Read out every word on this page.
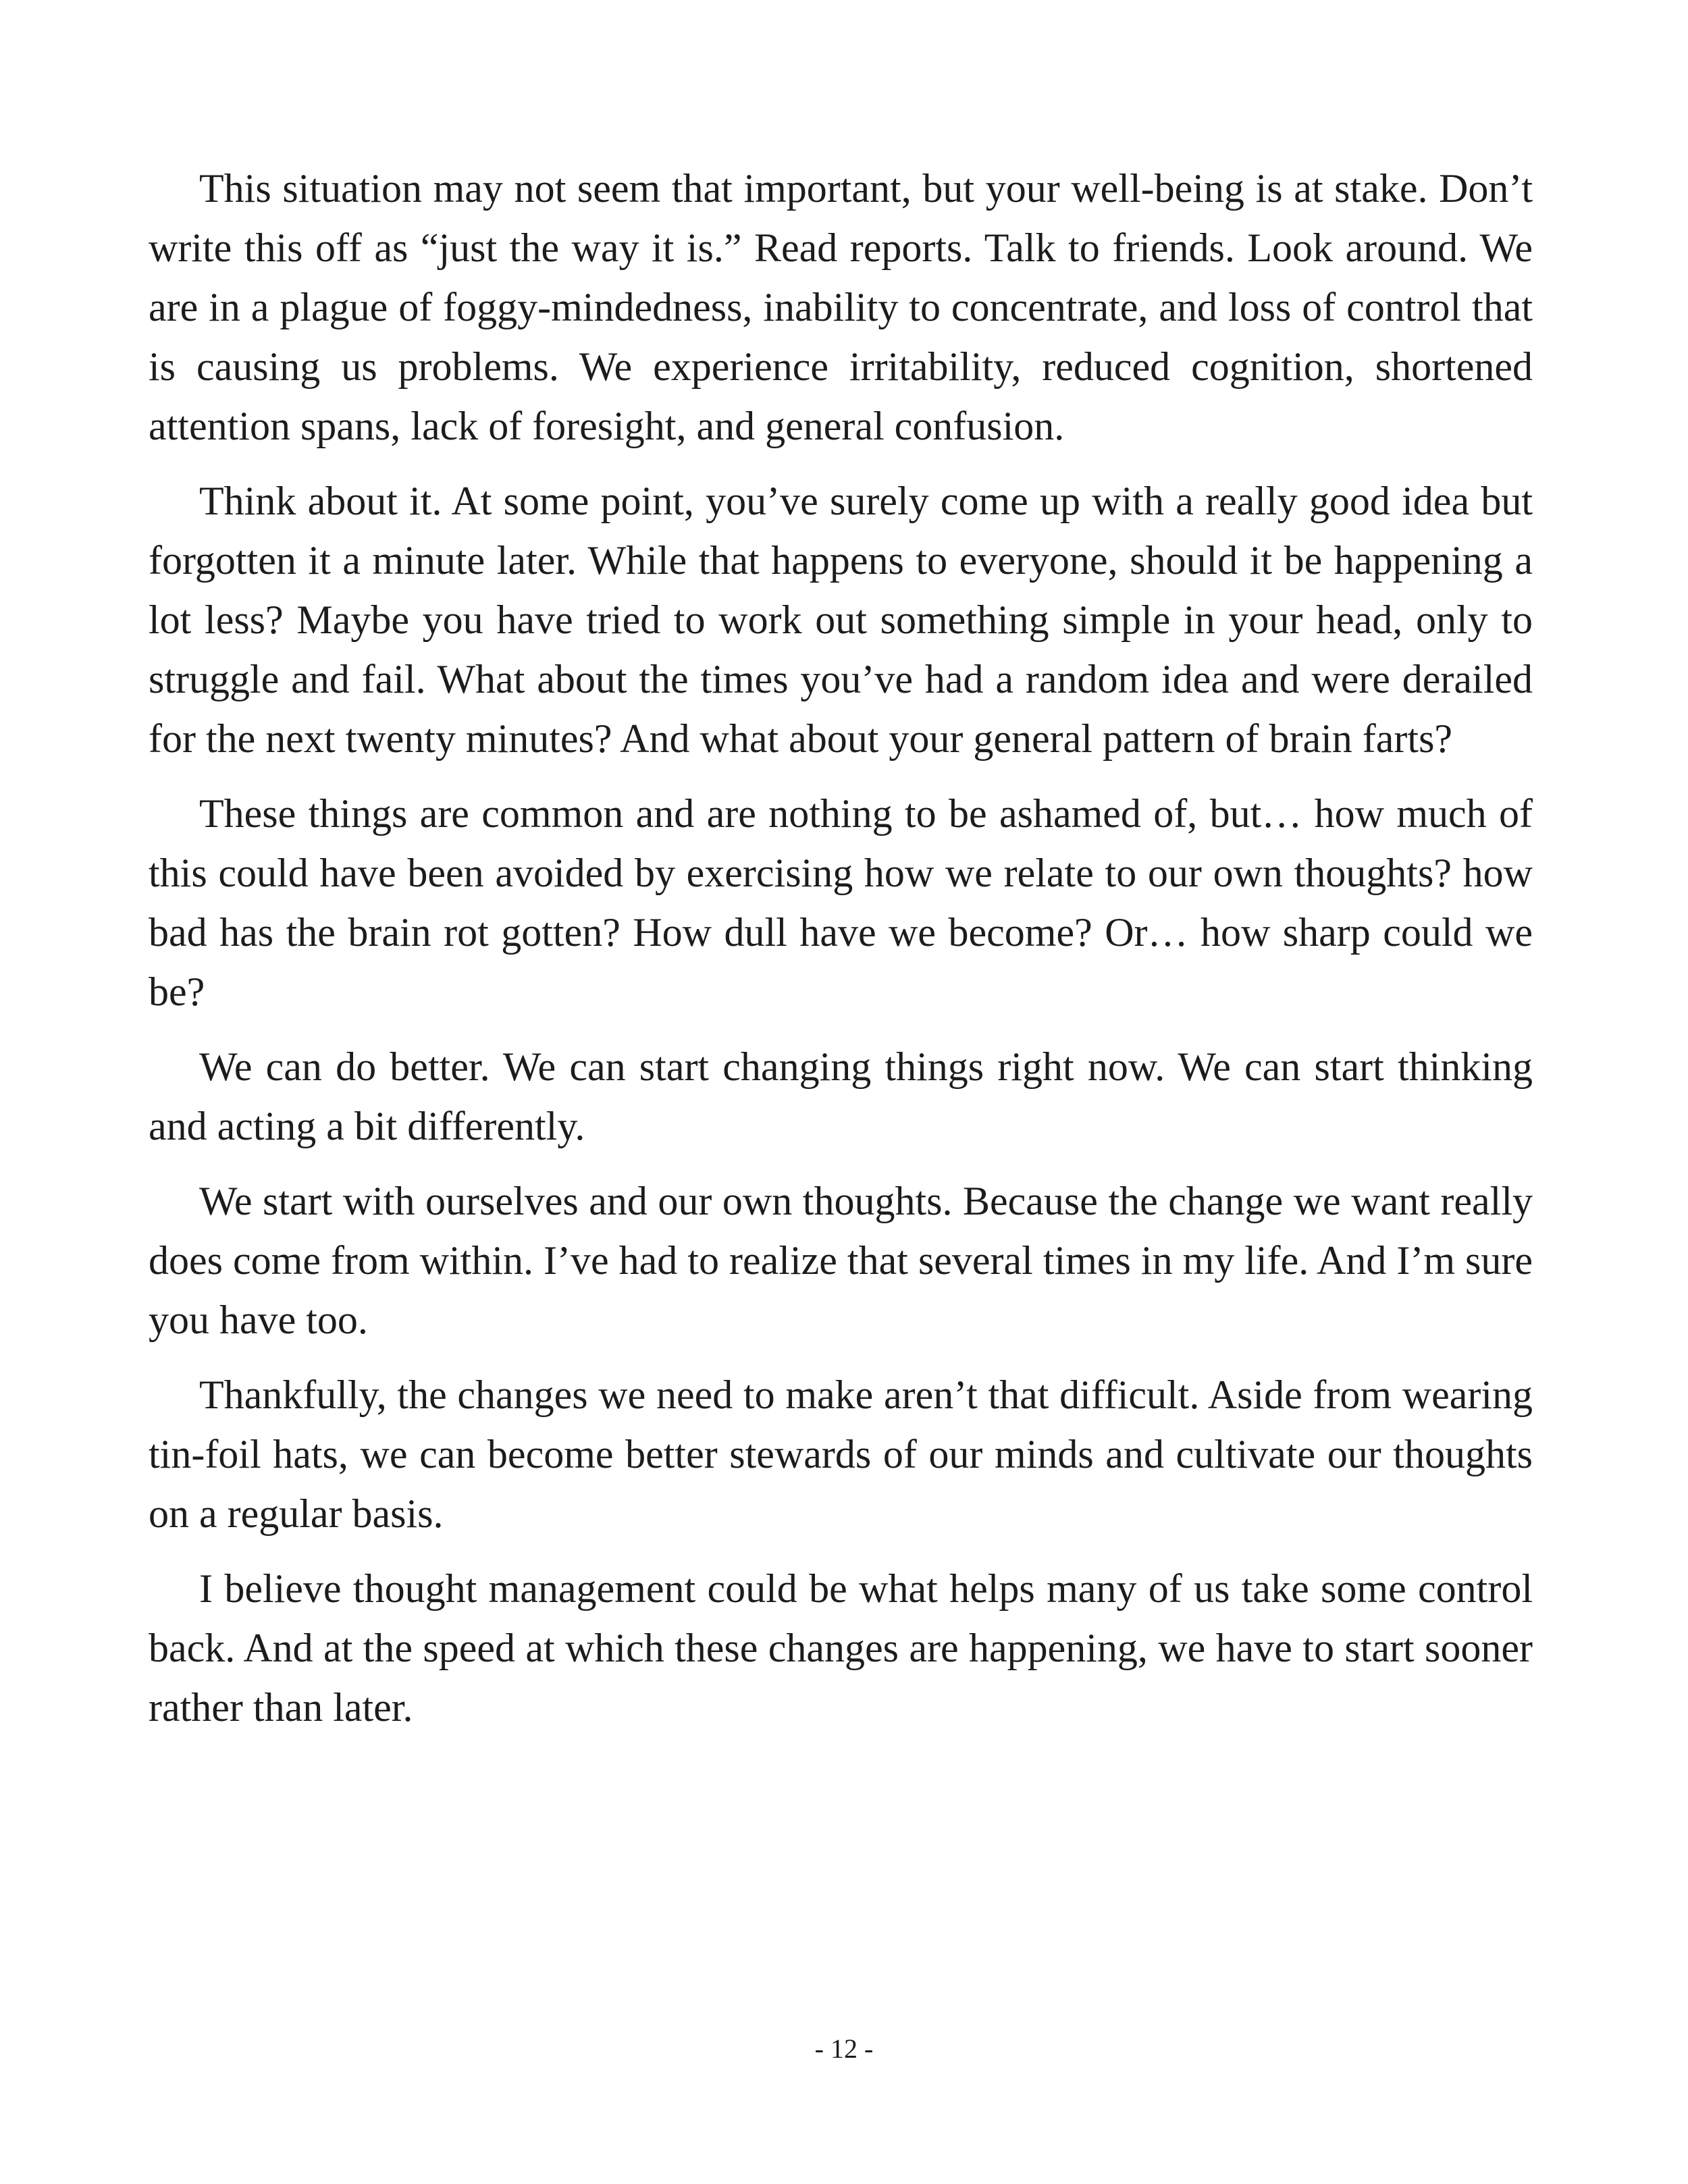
This situation may not seem that important, but your well-being is at stake. Don’t write this off as “just the way it is.” Read reports. Talk to friends. Look around. We are in a plague of foggy-mindedness, inability to concentrate, and loss of control that is causing us problems. We experience irritability, reduced cognition, shortened attention spans, lack of foresight, and general confusion.

Think about it. At some point, you’ve surely come up with a really good idea but forgotten it a minute later. While that happens to everyone, should it be happening a lot less? Maybe you have tried to work out something simple in your head, only to struggle and fail. What about the times you’ve had a random idea and were derailed for the next twenty minutes? And what about your general pattern of brain farts?

These things are common and are nothing to be ashamed of, but… how much of this could have been avoided by exercising how we relate to our own thoughts? how bad has the brain rot gotten? How dull have we become? Or… how sharp could we be?

We can do better. We can start changing things right now. We can start thinking and acting a bit differently.

We start with ourselves and our own thoughts. Because the change we want really does come from within. I’ve had to realize that several times in my life. And I’m sure you have too.

Thankfully, the changes we need to make aren’t that difficult. Aside from wearing tin-foil hats, we can become better stewards of our minds and cultivate our thoughts on a regular basis.

I believe thought management could be what helps many of us take some control back. And at the speed at which these changes are happening, we have to start sooner rather than later.

- 12 -
